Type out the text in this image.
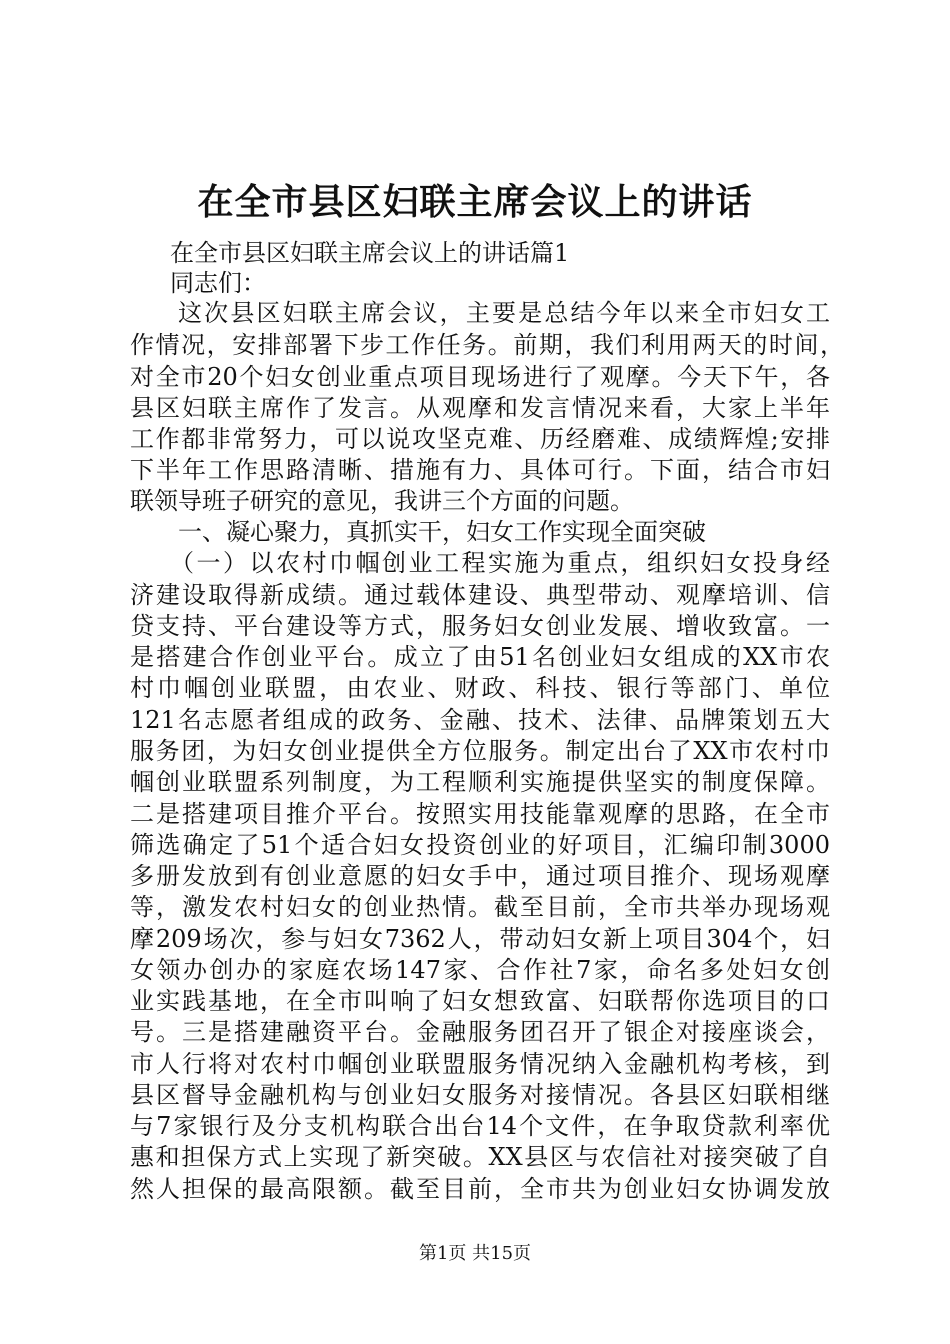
在全市县区妇联主席会议上的讲话
在全市县区妇联主席会议上的讲话篇1
同志们：
这次县区妇联主席会议，主要是总结今年以来全市妇女工
作情况，安排部署下步工作任务。前期，我们利用两天的时间，
对全市20个妇女创业重点项目现场进行了观摩。今天下午，各
县区妇联主席作了发言。从观摩和发言情况来看，大家上半年
工作都非常努力，可以说攻坚克难、历经磨难、成绩辉煌;安排
下半年工作思路清晰、措施有力、具体可行。下面，结合市妇
联领导班子研究的意见，我讲三个方面的问题。
一、凝心聚力，真抓实干，妇女工作实现全面突破
（一）以农村巾帼创业工程实施为重点，组织妇女投身经
济建设取得新成绩。通过载体建设、典型带动、观摩培训、信
贷支持、平台建设等方式，服务妇女创业发展、增收致富。一
是搭建合作创业平台。成立了由51名创业妇女组成的XX市农
村巾帼创业联盟，由农业、财政、科技、银行等部门、单位
121名志愿者组成的政务、金融、技术、法律、品牌策划五大
服务团，为妇女创业提供全方位服务。制定出台了XX市农村巾
帼创业联盟系列制度，为工程顺利实施提供坚实的制度保障。
二是搭建项目推介平台。按照实用技能靠观摩的思路，在全市
筛选确定了51个适合妇女投资创业的好项目，汇编印制3000
多册发放到有创业意愿的妇女手中，通过项目推介、现场观摩
等，激发农村妇女的创业热情。截至目前，全市共举办现场观
摩209场次，参与妇女7362人，带动妇女新上项目304个，妇
女领办创办的家庭农场147家、合作社7家，命名多处妇女创
业实践基地，在全市叫响了妇女想致富、妇联帮你选项目的口
号。三是搭建融资平台。金融服务团召开了银企对接座谈会，
市人行将对农村巾帼创业联盟服务情况纳入金融机构考核，到
县区督导金融机构与创业妇女服务对接情况。各县区妇联相继
与7家银行及分支机构联合出台14个文件，在争取贷款利率优
惠和担保方式上实现了新突破。XX县区与农信社对接突破了自
然人担保的最高限额。截至目前，全市共为创业妇女协调发放
第1页 共15页
